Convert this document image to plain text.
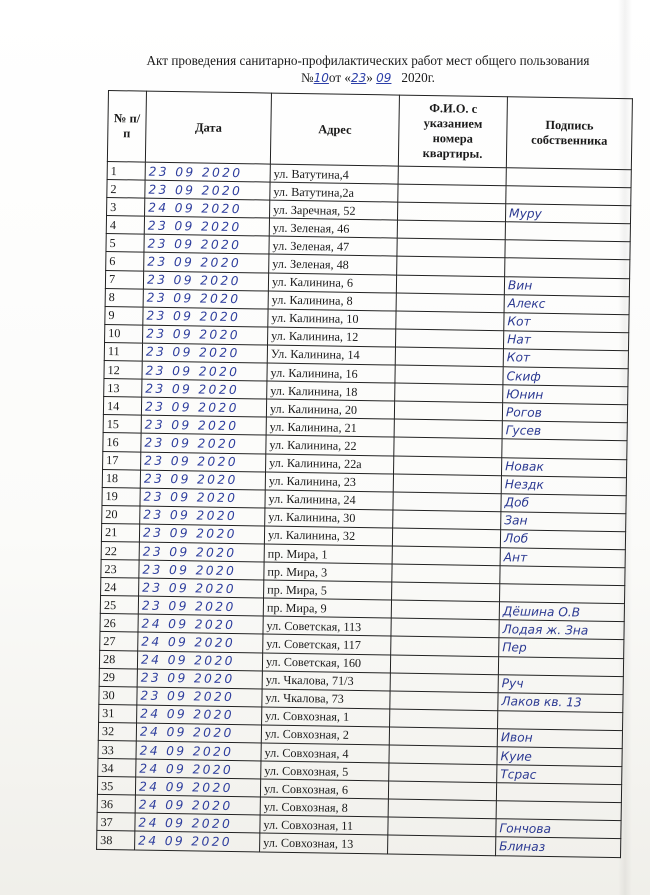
Акт проведения санитарно-профилактических работ мест общего пользования
№10от «23» 09 2020г.
№ п/п	Дата	Адрес	Ф.И.О. с указанием номера квартиры.	Подпись собственника
1	23 09 2020	ул. Ватутина,4		
2	23 09 2020	ул. Ватутина,2а		
3	24 09 2020	ул. Заречная, 52		Муру
4	23 09 2020	ул. Зеленая, 46		
5	23 09 2020	ул. Зеленая, 47		
6	23 09 2020	ул. Зеленая, 48		
7	23 09 2020	ул. Калинина, 6		Вин
8	23 09 2020	ул. Калинина, 8		Алекс
9	23 09 2020	ул. Калинина, 10		Кот
10	23 09 2020	ул. Калинина, 12		Нат
11	23 09 2020	Ул. Калинина, 14		Кот
12	23 09 2020	ул. Калинина, 16		Скиф
13	23 09 2020	ул. Калинина, 18		Юнин
14	23 09 2020	ул. Калинина, 20		Рогов
15	23 09 2020	ул. Калинина, 21		Гусев
16	23 09 2020	ул. Калинина, 22		
17	23 09 2020	ул. Калинина, 22а		Новак
18	23 09 2020	ул. Калинина, 23		Нездк
19	23 09 2020	ул. Калинина, 24		Доб
20	23 09 2020	ул. Калинина, 30		Зан
21	23 09 2020	ул. Калинина, 32		Лоб
22	23 09 2020	пр. Мира, 1		Ант
23	23 09 2020	пр. Мира, 3		
24	23 09 2020	пр. Мира, 5		
25	23 09 2020	пр. Мира, 9		Дёшина О.В
26	24 09 2020	ул. Советская, 113		Лодая ж. Зна
27	24 09 2020	ул. Советская, 117		Пер
28	24 09 2020	ул. Советская, 160		
29	23 09 2020	ул. Чкалова, 71/3		Руч
30	23 09 2020	ул. Чкалова, 73		Лаков кв. 13
31	24 09 2020	ул. Совхозная, 1		
32	24 09 2020	ул. Совхозная, 2		Ивон
33	24 09 2020	ул. Совхозная, 4		Куие
34	24 09 2020	ул. Совхозная, 5		Тсрас
35	24 09 2020	ул. Совхозная, 6		
36	24 09 2020	ул. Совхозная, 8		
37	24 09 2020	ул. Совхозная, 11		Гончова
38	24 09 2020	ул. Совхозная, 13		Блиназ
